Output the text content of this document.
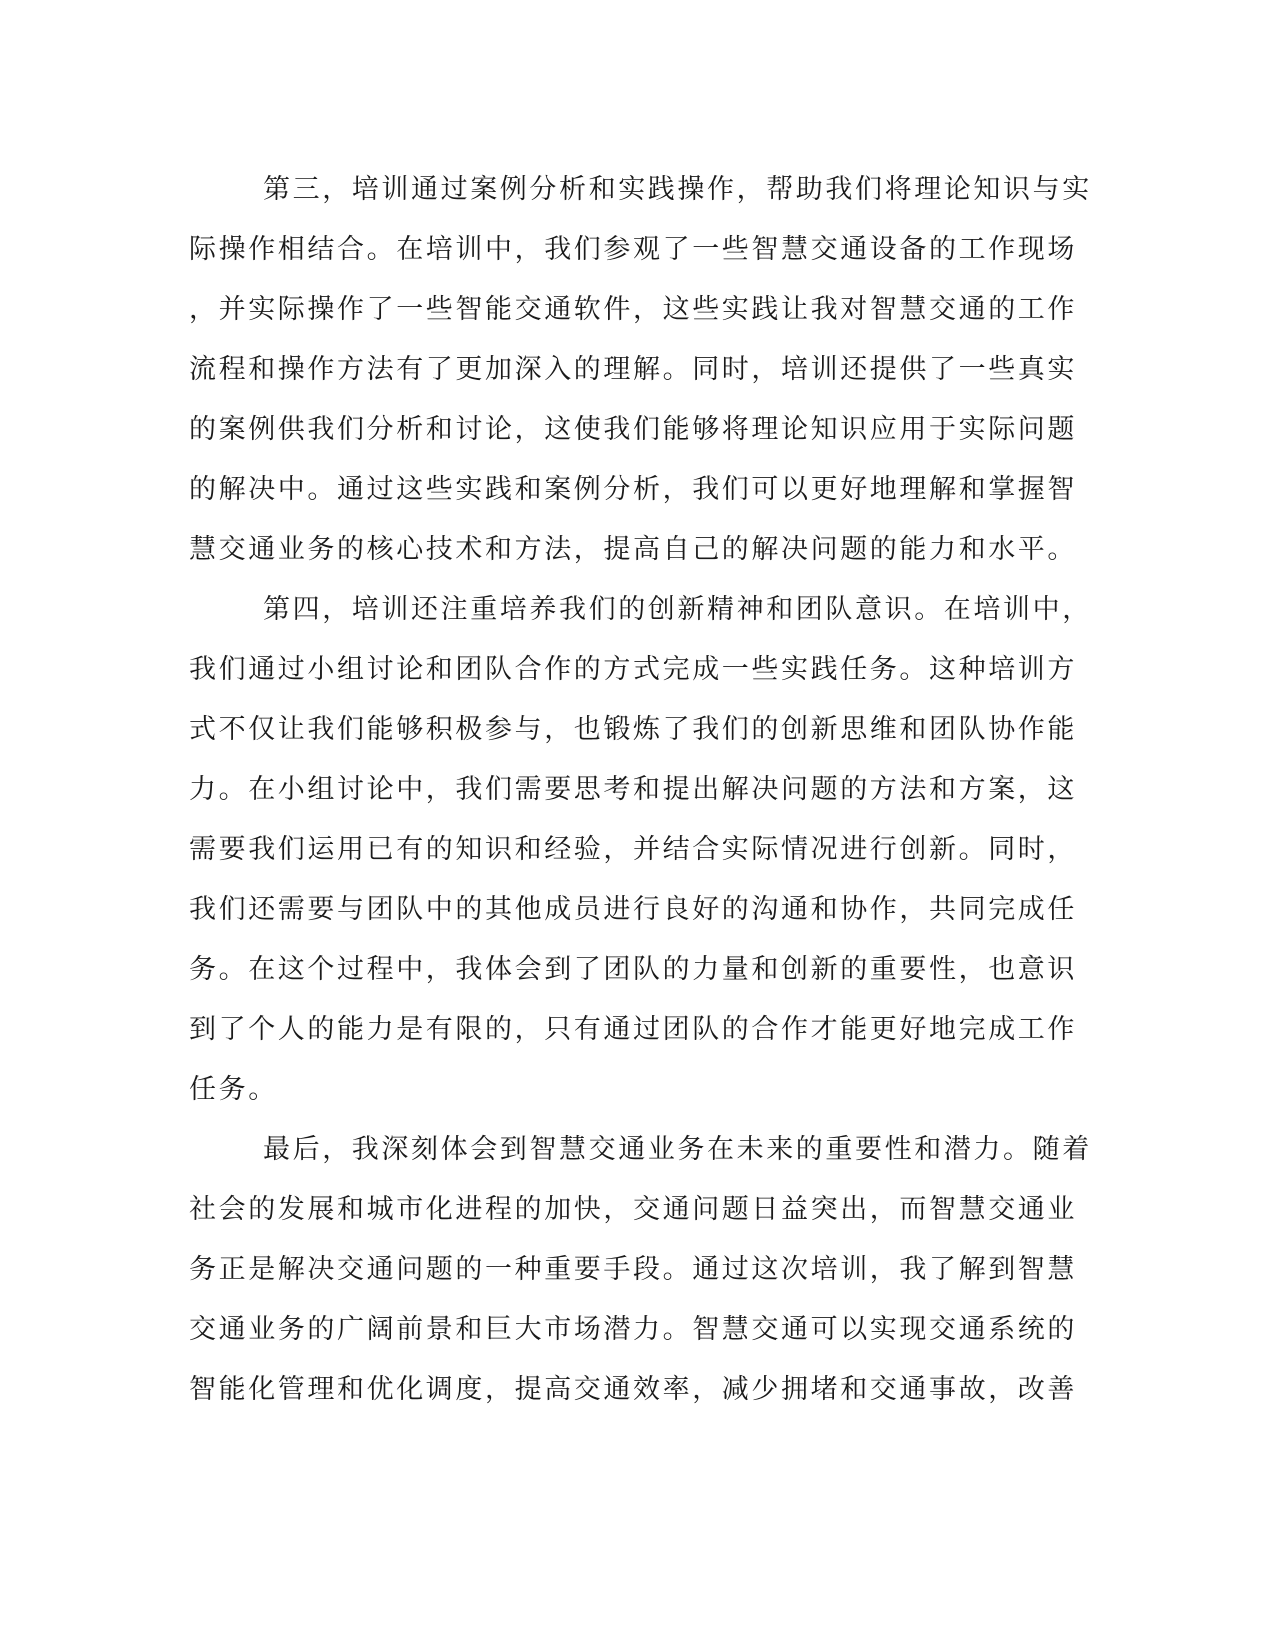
第三，培训通过案例分析和实践操作，帮助我们将理论知识与实

际操作相结合。在培训中，我们参观了一些智慧交通设备的工作现场

，并实际操作了一些智能交通软件，这些实践让我对智慧交通的工作

流程和操作方法有了更加深入的理解。同时，培训还提供了一些真实

的案例供我们分析和讨论，这使我们能够将理论知识应用于实际问题

的解决中。通过这些实践和案例分析，我们可以更好地理解和掌握智

慧交通业务的核心技术和方法，提高自己的解决问题的能力和水平。

第四，培训还注重培养我们的创新精神和团队意识。在培训中，

我们通过小组讨论和团队合作的方式完成一些实践任务。这种培训方

式不仅让我们能够积极参与，也锻炼了我们的创新思维和团队协作能

力。在小组讨论中，我们需要思考和提出解决问题的方法和方案，这

需要我们运用已有的知识和经验，并结合实际情况进行创新。同时，

我们还需要与团队中的其他成员进行良好的沟通和协作，共同完成任

务。在这个过程中，我体会到了团队的力量和创新的重要性，也意识

到了个人的能力是有限的，只有通过团队的合作才能更好地完成工作

任务。

最后，我深刻体会到智慧交通业务在未来的重要性和潜力。随着

社会的发展和城市化进程的加快，交通问题日益突出，而智慧交通业

务正是解决交通问题的一种重要手段。通过这次培训，我了解到智慧

交通业务的广阔前景和巨大市场潜力。智慧交通可以实现交通系统的

智能化管理和优化调度，提高交通效率，减少拥堵和交通事故，改善
